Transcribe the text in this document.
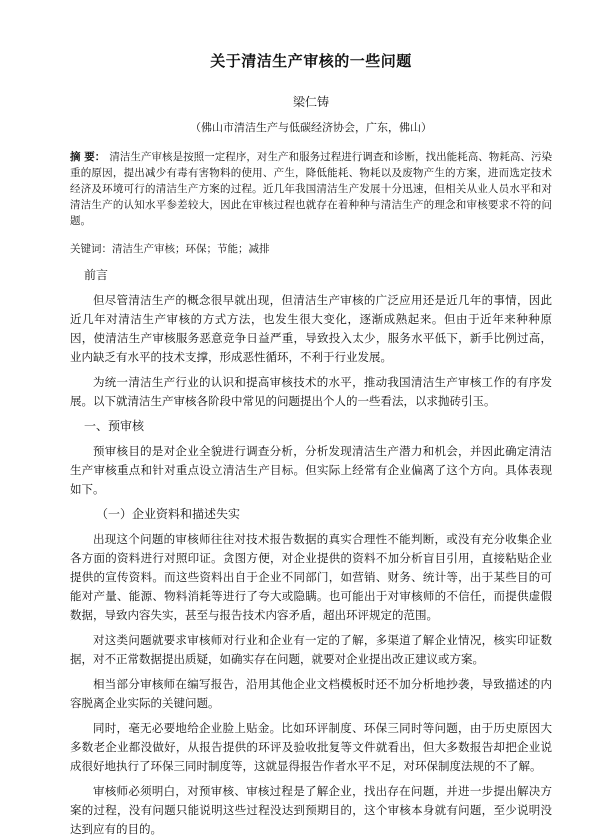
关于清洁生产审核的一些问题
梁仁铸
（佛山市清洁生产与低碳经济协会，广东，佛山）
摘 要： 清洁生产审核是按照一定程序，对生产和服务过程进行调查和诊断，找出能耗高、物耗高、污染重的原因，提出减少有毒有害物料的使用、产生，降低能耗、物耗以及废物产生的方案，进而选定技术经济及环境可行的清洁生产方案的过程。近几年我国清洁生产发展十分迅速，但相关从业人员水平和对清洁生产的认知水平参差较大，因此在审核过程也就存在着种种与清洁生产的理念和审核要求不符的问题。
关键词：清洁生产审核；环保；节能；减排
前言

但尽管清洁生产的概念很早就出现，但清洁生产审核的广泛应用还是近几年的事情，因此近几年对清洁生产审核的方式方法，也发生很大变化，逐渐成熟起来。但由于近年来种种原因，使清洁生产审核服务恶意竞争日益严重，导致投入太少，服务水平低下，新手比例过高，业内缺乏有水平的技术支撑，形成恶性循环，不利于行业发展。

为统一清洁生产行业的认识和提高审核技术的水平，推动我国清洁生产审核工作的有序发展。以下就清洁生产审核各阶段中常见的问题提出个人的一些看法，以求抛砖引玉。

一、预审核

预审核目的是对企业全貌进行调查分析，分析发现清洁生产潜力和机会，并因此确定清洁生产审核重点和针对重点设立清洁生产目标。但实际上经常有企业偏离了这个方向。具体表现如下。

（一）企业资料和描述失实

出现这个问题的审核师往往对技术报告数据的真实合理性不能判断，或没有充分收集企业各方面的资料进行对照印证。贪图方便，对企业提供的资料不加分析盲目引用，直接粘贴企业提供的宣传资料。而这些资料出自于企业不同部门，如营销、财务、统计等，出于某些目的可能对产量、能源、物料消耗等进行了夸大或隐瞒。也可能出于对审核师的不信任，而提供虚假数据，导致内容失实，甚至与报告技术内容矛盾，超出环评规定的范围。

对这类问题就要求审核师对行业和企业有一定的了解，多渠道了解企业情况，核实印证数据，对不正常数据提出质疑，如确实存在问题，就要对企业提出改正建议或方案。

相当部分审核师在编写报告，沿用其他企业文档模板时还不加分析地抄袭，导致描述的内容脱离企业实际的关键问题。

同时，毫无必要地给企业脸上贴金。比如环评制度、环保三同时等问题，由于历史原因大多数老企业都没做好，从报告提供的环评及验收批复等文件就看出，但大多数报告却把企业说成很好地执行了环保三同时制度等，这就显得报告作者水平不足，对环保制度法规的不了解。

审核师必须明白，对预审核、审核过程是了解企业，找出存在问题，并进一步提出解决方案的过程，没有问题只能说明这些过程没达到预期目的，这个审核本身就有问题，至少说明没达到应有的目的。
